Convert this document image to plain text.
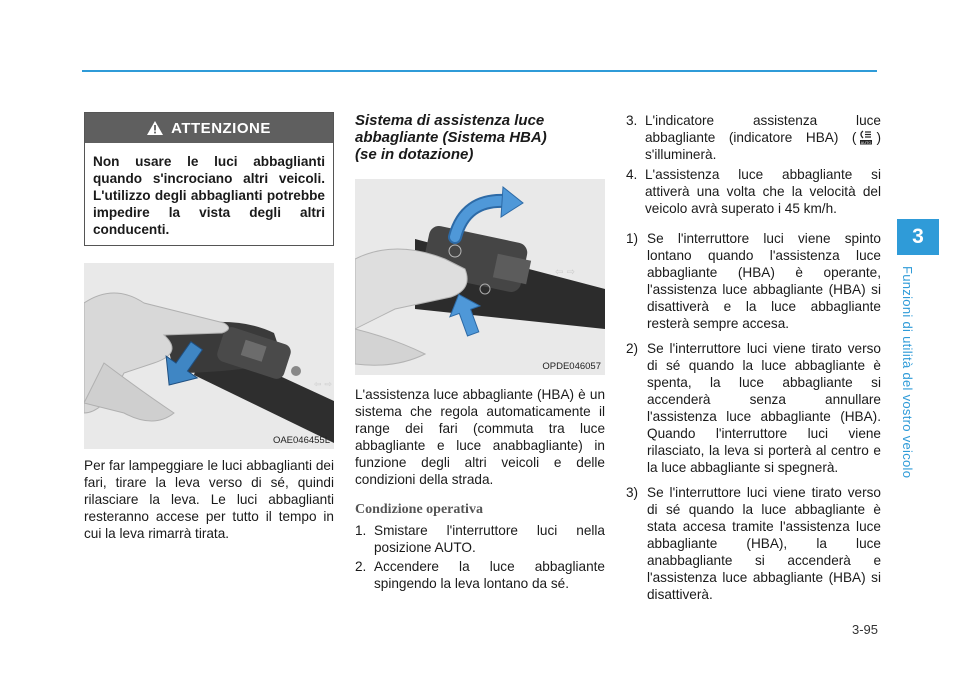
3
Funzioni di utilità del vostro veicolo
ATTENZIONE
Non usare le luci abbaglianti quando s'incrociano altri veicoli. L'utilizzo degli abbaglianti potrebbe impedire la vista degli altri conducenti.
⇦ ⇨
OAE046455L
Per far lampeggiare le luci abbaglianti dei fari, tirare la leva verso di sé, quindi rilasciare la leva. Le luci abbaglianti resteranno accese per tutto il tempo in cui la leva rimarrà tirata.
Sistema di assistenza luce
abbagliante (Sistema HBA)
(se in dotazione)
⇦ ⇨
OPDE046057
L'assistenza luce abbagliante (HBA) è un sistema che regola automaticamente il range dei fari (commuta tra luce abbagliante e luce anabbagliante) in funzione degli altri veicoli e delle condizioni della strada.
Condizione operativa
1. Smistare l'interruttore luci nella posizione AUTO.
2. Accendere la luce abbagliante spingendo la leva lontano da sé.
3. L'indicatore assistenza luce abbagliante (indicatore HBA) ( AUTO ) s'illuminerà.
4. L'assistenza luce abbagliante si attiverà una volta che la velocità del veicolo avrà superato i 45 km/h.
1) Se l'interruttore luci viene spinto lontano quando l'assistenza luce abbagliante (HBA) è operante, l'assistenza luce abbagliante (HBA) si disattiverà e la luce abbagliante resterà sempre accesa.
2) Se l'interruttore luci viene tirato verso di sé quando la luce abbagliante è spenta, la luce abbagliante si accenderà senza annullare l'assistenza luce abbagliante (HBA). Quando l'interruttore luci viene rilasciato, la leva si porterà al centro e la luce abbagliante si spegnerà.
3) Se l'interruttore luci viene tirato verso di sé quando la luce abbagliante è stata accesa tramite l'assistenza luce abbagliante (HBA), la luce anabbagliante si accenderà e l'assistenza luce abbagliante (HBA) si disattiverà.
3-95
